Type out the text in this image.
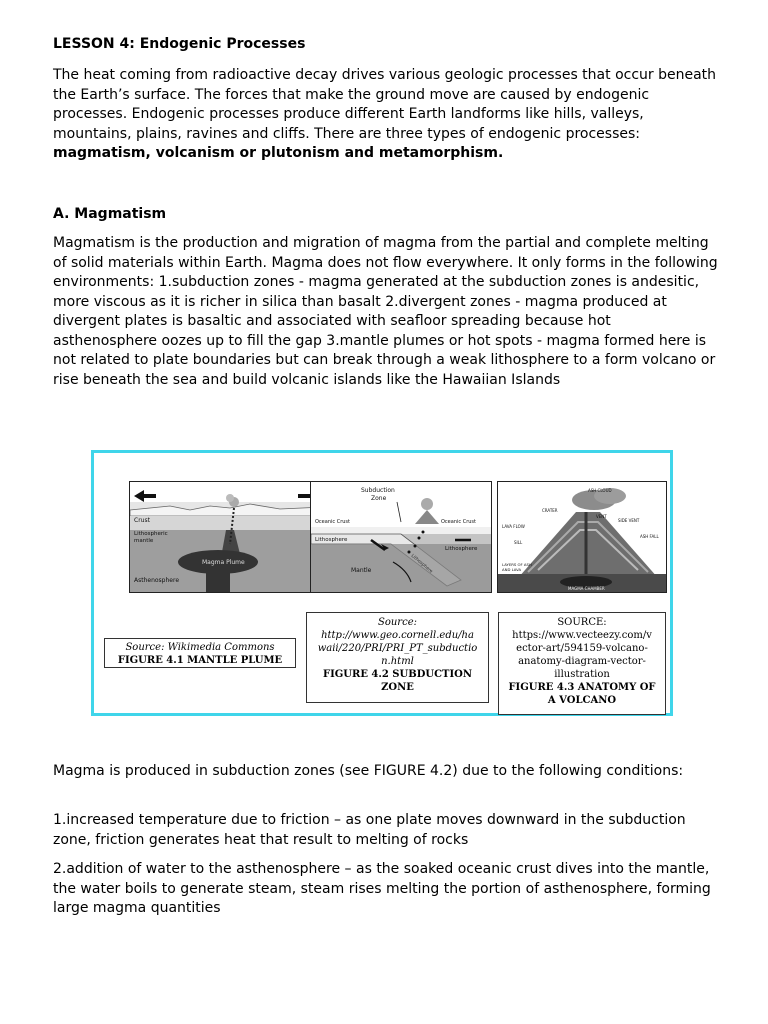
LESSON 4: Endogenic Processes

The heat coming from radioactive decay drives various geologic processes that occur beneath the Earth’s surface. The forces that make the ground move are caused by endogenic processes. Endogenic processes produce different Earth landforms like hills, valleys, mountains, plains, ravines and cliffs. There are three types of endogenic processes: magmatism, volcanism or plutonism and metamorphism.

A. Magmatism

Magmatism is the production and migration of magma from the partial and complete melting of solid materials within Earth. Magma does not flow everywhere. It only forms in the following environments: 1.subduction zones - magma generated at the subduction zones is andesitic, more viscous as it is richer in silica than basalt 2.divergent zones - magma produced at divergent plates is basaltic and associated with seafloor spreading because hot asthenosphere oozes up to fill the gap 3.mantle plumes or hot spots - magma formed here is not related to plate boundaries but can break through a weak lithosphere to a form volcano or rise beneath the sea and build volcanic islands like the Hawaiian Islands

Crust
Lithospheric
mantle
Magma Plume
Asthenosphere
Subduction
Zone
Oceanic Crust	Oceanic Crust
Lithosphere
Lithosphere
Mantle	Lithosphere
ASH CLOUD
CRATER
VENT
SIDE VENT
LAVA FLOW
SILL
ASH FALL
LAYERS OF ASH
AND LAVA
MAGMA CHAMBER
Source: Wikimedia Commons
FIGURE 4.1 MANTLE PLUME
Source:
http://www.geo.cornell.edu/ha
waii/220/PRI/PRI_PT_subductio
n.html
FIGURE 4.2 SUBDUCTION
ZONE
SOURCE:
https://www.vecteezy.com/v
ector-art/594159-volcano-
anatomy-diagram-vector-
illustration
FIGURE 4.3 ANATOMY OF
A VOLCANO

Magma is produced in subduction zones (see FIGURE 4.2) due to the following conditions:

1.increased temperature due to friction – as one plate moves downward in the subduction zone, friction generates heat that result to melting of rocks

2.addition of water to the asthenosphere – as the soaked oceanic crust dives into the mantle, the water boils to generate steam, steam rises melting the portion of asthenosphere, forming large magma quantities
